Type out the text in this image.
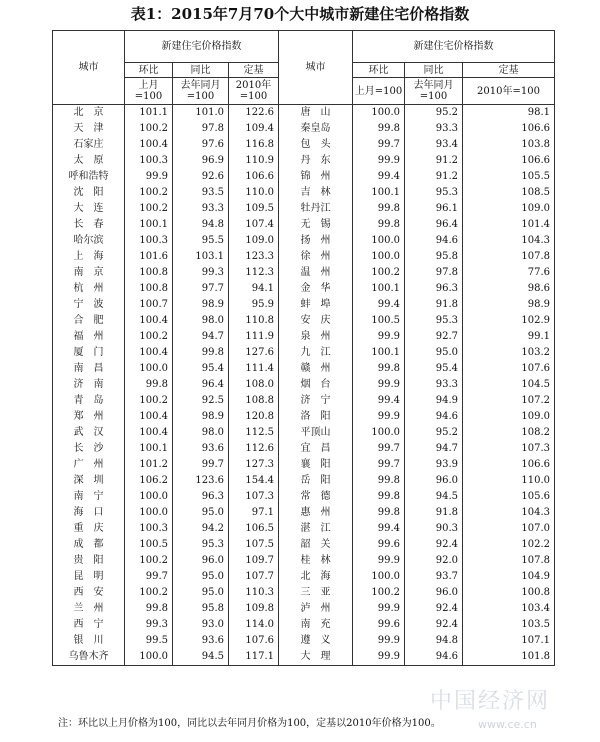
表1：2015年7月70个大中城市新建住宅价格指数
城市	新建住宅价格指数			城市	新建住宅价格指数		
	环比	同比	定基		环比	同比	定基
	上月=100	去年同月=100	2010年=100		上月=100	去年同月=100	2010年=100
北　京	101.1	101.0	122.6	唐　山	100.0	95.2	98.1
天　津	100.2	97.8	109.4	秦皇岛	99.8	93.3	106.6
石家庄	100.4	97.6	116.8	包　头	99.7	93.4	103.8
太　原	100.3	96.9	110.9	丹　东	99.9	91.2	106.6
呼和浩特	99.9	92.6	106.6	锦　州	99.4	91.2	105.5
沈　阳	100.2	93.5	110.0	吉　林	100.1	95.3	108.5
大　连	100.2	93.3	109.5	牡丹江	99.8	96.1	109.0
长　春	100.1	94.8	107.4	无　锡	99.8	96.4	101.4
哈尔滨	100.3	95.5	109.0	扬　州	100.0	94.6	104.3
上　海	101.6	103.1	123.3	徐　州	100.0	95.8	107.8
南　京	100.8	99.3	112.3	温　州	100.2	97.8	77.6
杭　州	100.8	97.7	94.1	金　华	100.1	96.3	98.6
宁　波	100.7	98.9	95.9	蚌　埠	99.4	91.8	98.9
合　肥	100.4	98.0	110.8	安　庆	100.5	95.3	102.9
福　州	100.2	94.7	111.9	泉　州	99.9	92.7	99.1
厦　门	100.4	99.8	127.6	九　江	100.1	95.0	103.2
南　昌	100.0	95.4	111.4	赣　州	99.8	95.4	107.6
济　南	99.8	96.4	108.0	烟　台	99.9	93.3	104.5
青　岛	100.2	92.5	108.8	济　宁	99.4	94.9	107.2
郑　州	100.4	98.9	120.8	洛　阳	99.9	94.6	109.0
武　汉	100.4	98.0	112.5	平顶山	100.0	95.2	108.2
长　沙	100.1	93.6	112.6	宜　昌	99.7	94.7	107.3
广　州	101.2	99.7	127.3	襄　阳	99.7	93.9	106.6
深　圳	106.2	123.6	154.4	岳　阳	99.8	96.0	110.0
南　宁	100.0	96.3	107.3	常　德	99.8	94.5	105.6
海　口	100.0	95.0	97.1	惠　州	99.8	91.8	104.3
重　庆	100.3	94.2	106.5	湛　江	99.4	90.3	107.0
成　都	100.5	95.3	107.5	韶　关	99.6	92.4	102.2
贵　阳	100.2	96.0	109.7	桂　林	99.9	92.0	107.8
昆　明	99.7	95.0	107.7	北　海	100.0	93.7	104.9
西　安	100.2	95.0	110.3	三　亚	100.2	96.0	100.8
兰　州	99.8	95.8	109.8	泸　州	99.9	92.4	103.4
西　宁	99.3	93.0	114.0	南　充	99.6	92.4	103.5
银　川	99.5	93.6	107.6	遵　义	99.9	94.8	107.1
乌鲁木齐	100.0	94.5	117.1	大　理	99.9	94.6	101.8
注：环比以上月价格为100，同比以去年同月价格为100，定基以2010年价格为100。
中国经济网
www.ce.cn
